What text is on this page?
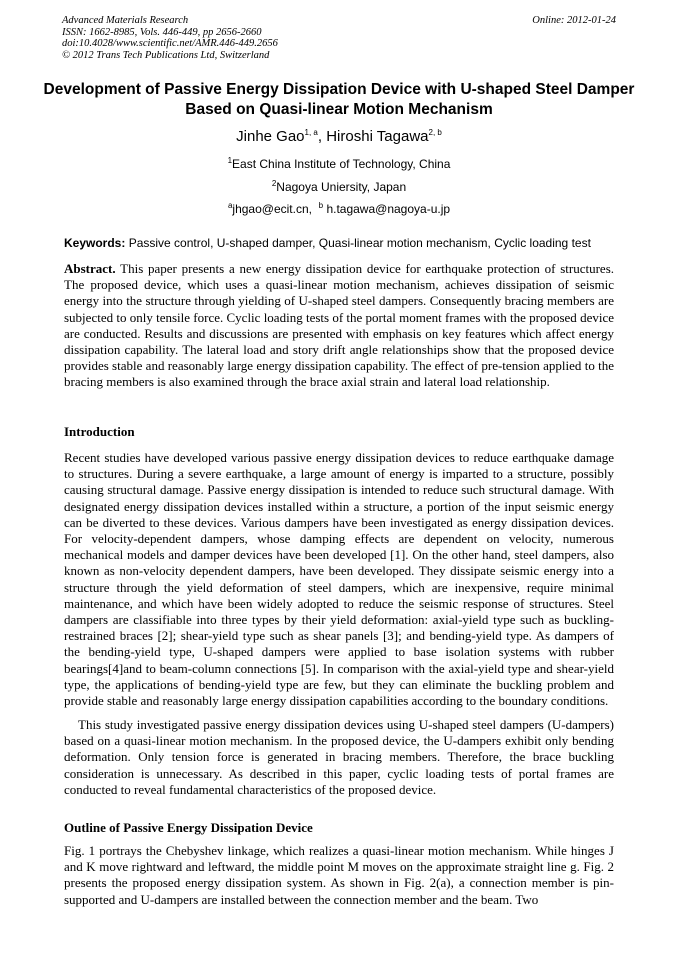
Advanced Materials Research
ISSN: 1662-8985, Vols. 446-449, pp 2656-2660
doi:10.4028/www.scientific.net/AMR.446-449.2656
© 2012 Trans Tech Publications Ltd, Switzerland
Online: 2012-01-24
Development of Passive Energy Dissipation Device with U-shaped Steel Damper Based on Quasi-linear Motion Mechanism
Jinhe Gao$^{1, a}$, Hiroshi Tagawa$^{2, b}$
$^1$East China Institute of Technology, China
$^2$Nagoya Uniersity, Japan
$^a$jhgao@ecit.cn, $^b$ h.tagawa@nagoya-u.jp
Keywords: Passive control, U-shaped damper, Quasi-linear motion mechanism, Cyclic loading test
Abstract. This paper presents a new energy dissipation device for earthquake protection of structures. The proposed device, which uses a quasi-linear motion mechanism, achieves dissipation of seismic energy into the structure through yielding of U-shaped steel dampers. Consequently bracing members are subjected to only tensile force. Cyclic loading tests of the portal moment frames with the proposed device are conducted. Results and discussions are presented with emphasis on key features which affect energy dissipation capability. The lateral load and story drift angle relationships show that the proposed device provides stable and reasonably large energy dissipation capability. The effect of pre-tension applied to the bracing members is also examined through the brace axial strain and lateral load relationship.
Introduction
Recent studies have developed various passive energy dissipation devices to reduce earthquake damage to structures. During a severe earthquake, a large amount of energy is imparted to a structure, possibly causing structural damage. Passive energy dissipation is intended to reduce such structural damage. With designated energy dissipation devices installed within a structure, a portion of the input seismic energy can be diverted to these devices. Various dampers have been investigated as energy dissipation devices. For velocity-dependent dampers, whose damping effects are dependent on velocity, numerous mechanical models and damper devices have been developed [1]. On the other hand, steel dampers, also known as non-velocity dependent dampers, have been developed. They dissipate seismic energy into a structure through the yield deformation of steel dampers, which are inexpensive, require minimal maintenance, and which have been widely adopted to reduce the seismic response of structures. Steel dampers are classifiable into three types by their yield deformation: axial-yield type such as buckling-restrained braces [2]; shear-yield type such as shear panels [3]; and bending-yield type. As dampers of the bending-yield type, U-shaped dampers were applied to base isolation systems with rubber bearings[4]and to beam-column connections [5]. In comparison with the axial-yield type and shear-yield type, the applications of bending-yield type are few, but they can eliminate the buckling problem and provide stable and reasonably large energy dissipation capabilities according to the boundary conditions.
This study investigated passive energy dissipation devices using U-shaped steel dampers (U-dampers) based on a quasi-linear motion mechanism. In the proposed device, the U-dampers exhibit only bending deformation. Only tension force is generated in bracing members. Therefore, the brace buckling consideration is unnecessary. As described in this paper, cyclic loading tests of portal frames are conducted to reveal fundamental characteristics of the proposed device.
Outline of Passive Energy Dissipation Device
Fig. 1 portrays the Chebyshev linkage, which realizes a quasi-linear motion mechanism. While hinges J and K move rightward and leftward, the middle point M moves on the approximate straight line g. Fig. 2 presents the proposed energy dissipation system. As shown in Fig. 2(a), a connection member is pin-supported and U-dampers are installed between the connection member and the beam. Two
